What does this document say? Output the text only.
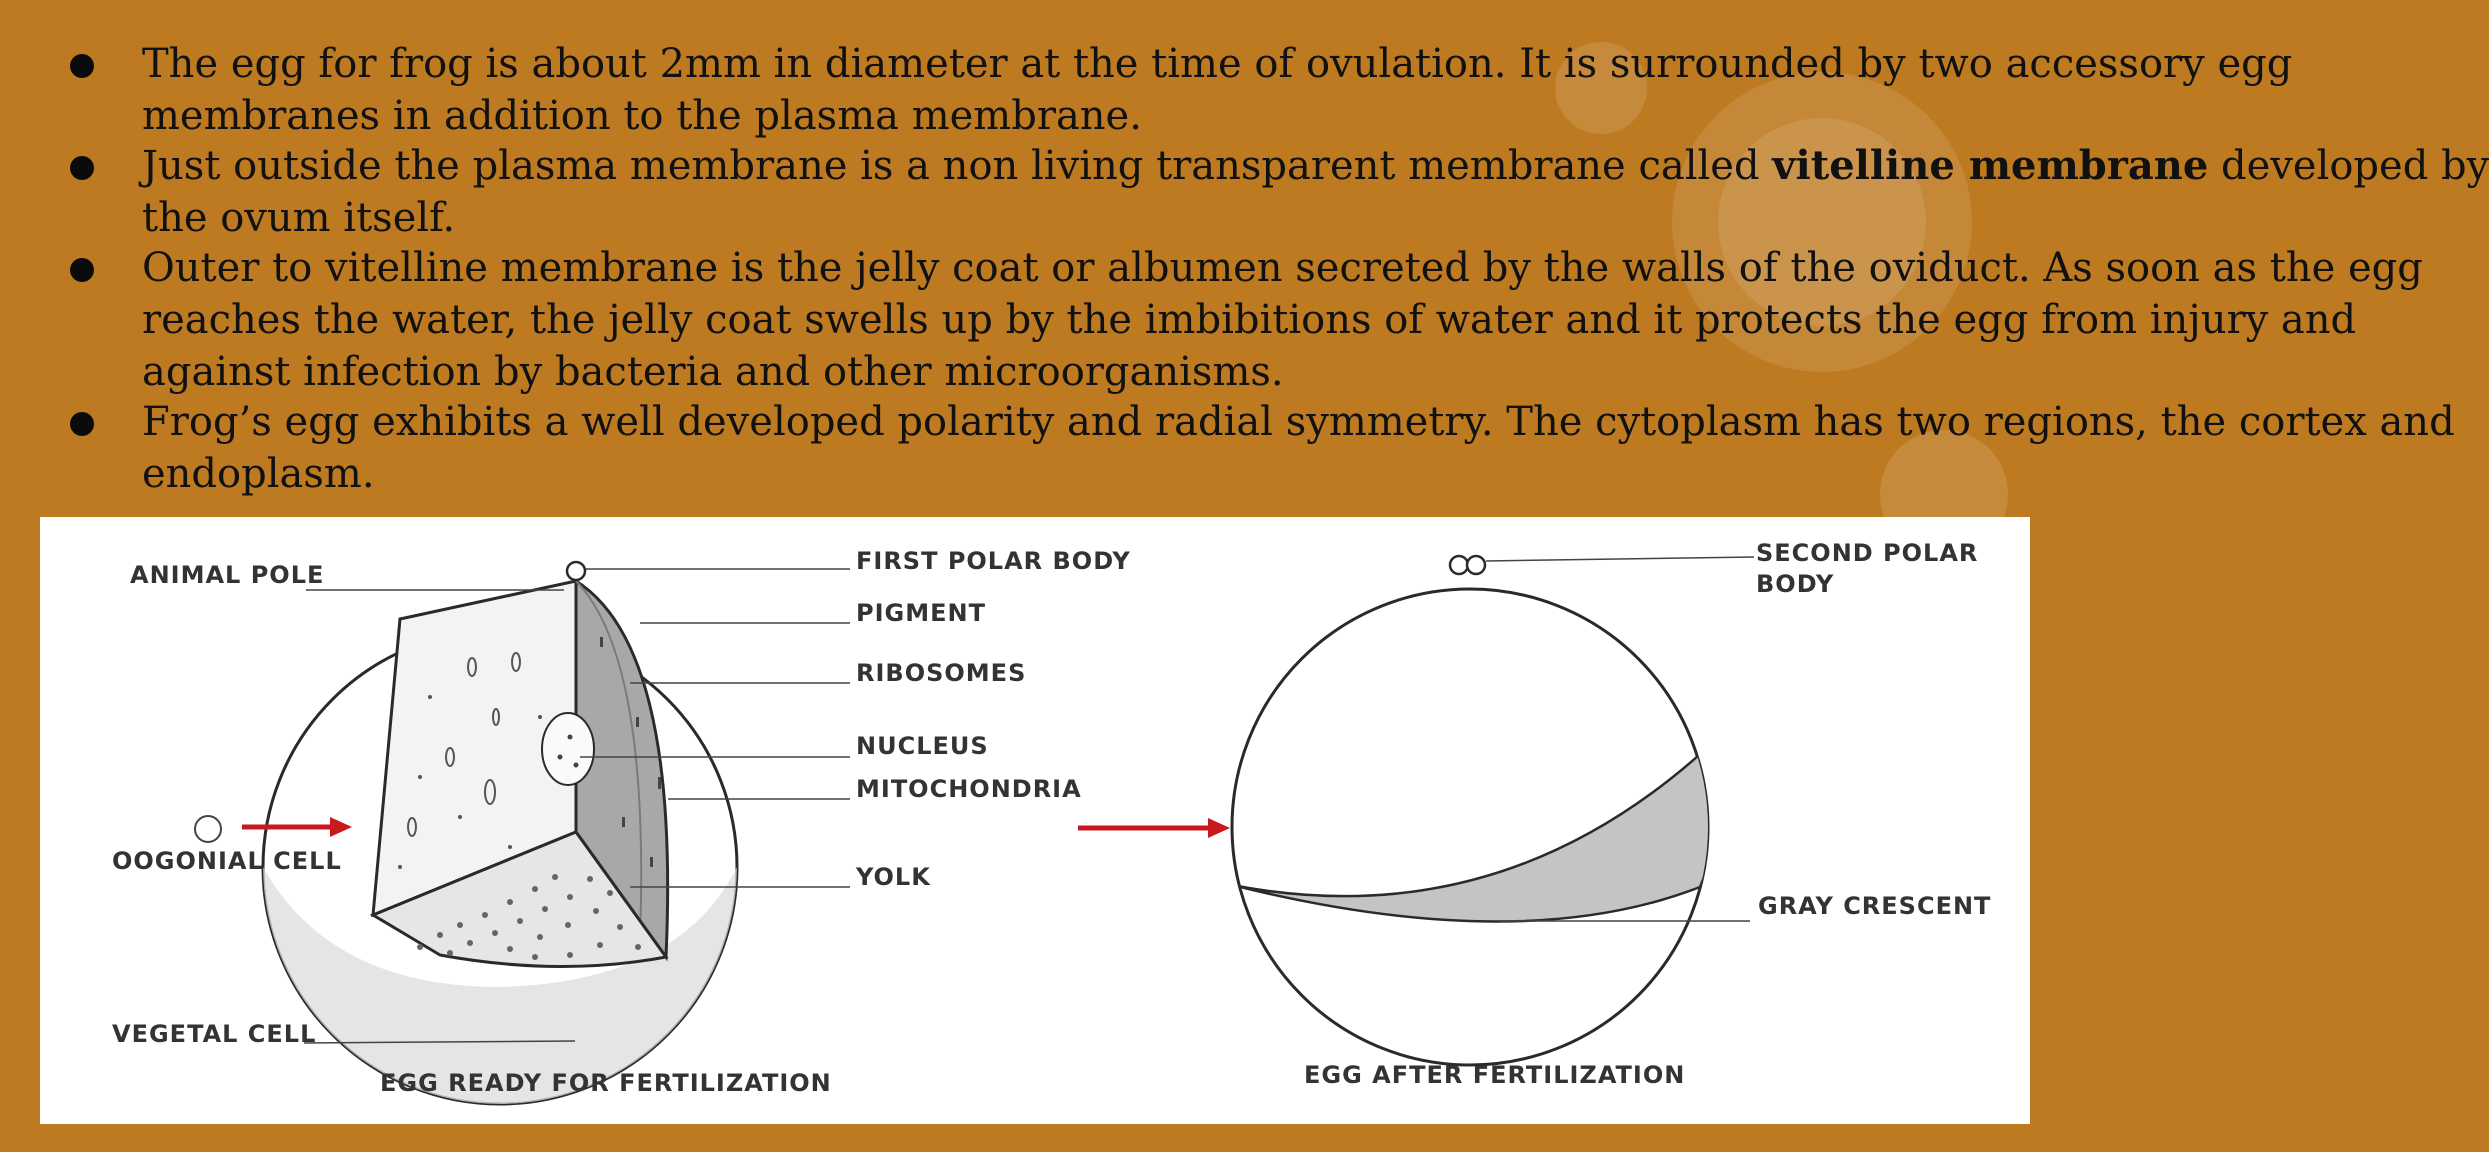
The egg for frog is about 2mm in diameter at the time of ovulation. It is surrounded by two accessory egg
membranes in addition to the plasma membrane.
Just outside the plasma membrane is a non living transparent membrane called vitelline membrane developed by
the ovum itself.
Outer to vitelline membrane is the jelly coat or albumen secreted by the walls of the oviduct. As soon as the egg
reaches the water, the jelly coat swells up by the imbibitions of water and it protects the egg from injury and
against infection by bacteria and other microorganisms.
Frog’s egg exhibits a well developed polarity and radial symmetry. The cytoplasm has two regions, the cortex and
endoplasm.
ANIMAL POLE
OOGONIAL CELL
VEGETAL CELL
FIRST POLAR BODY
PIGMENT
RIBOSOMES
NUCLEUS
MITOCHONDRIA
YOLK
EGG READY FOR FERTILIZATION
SECOND POLAR
BODY
GRAY CRESCENT
EGG AFTER FERTILIZATION
